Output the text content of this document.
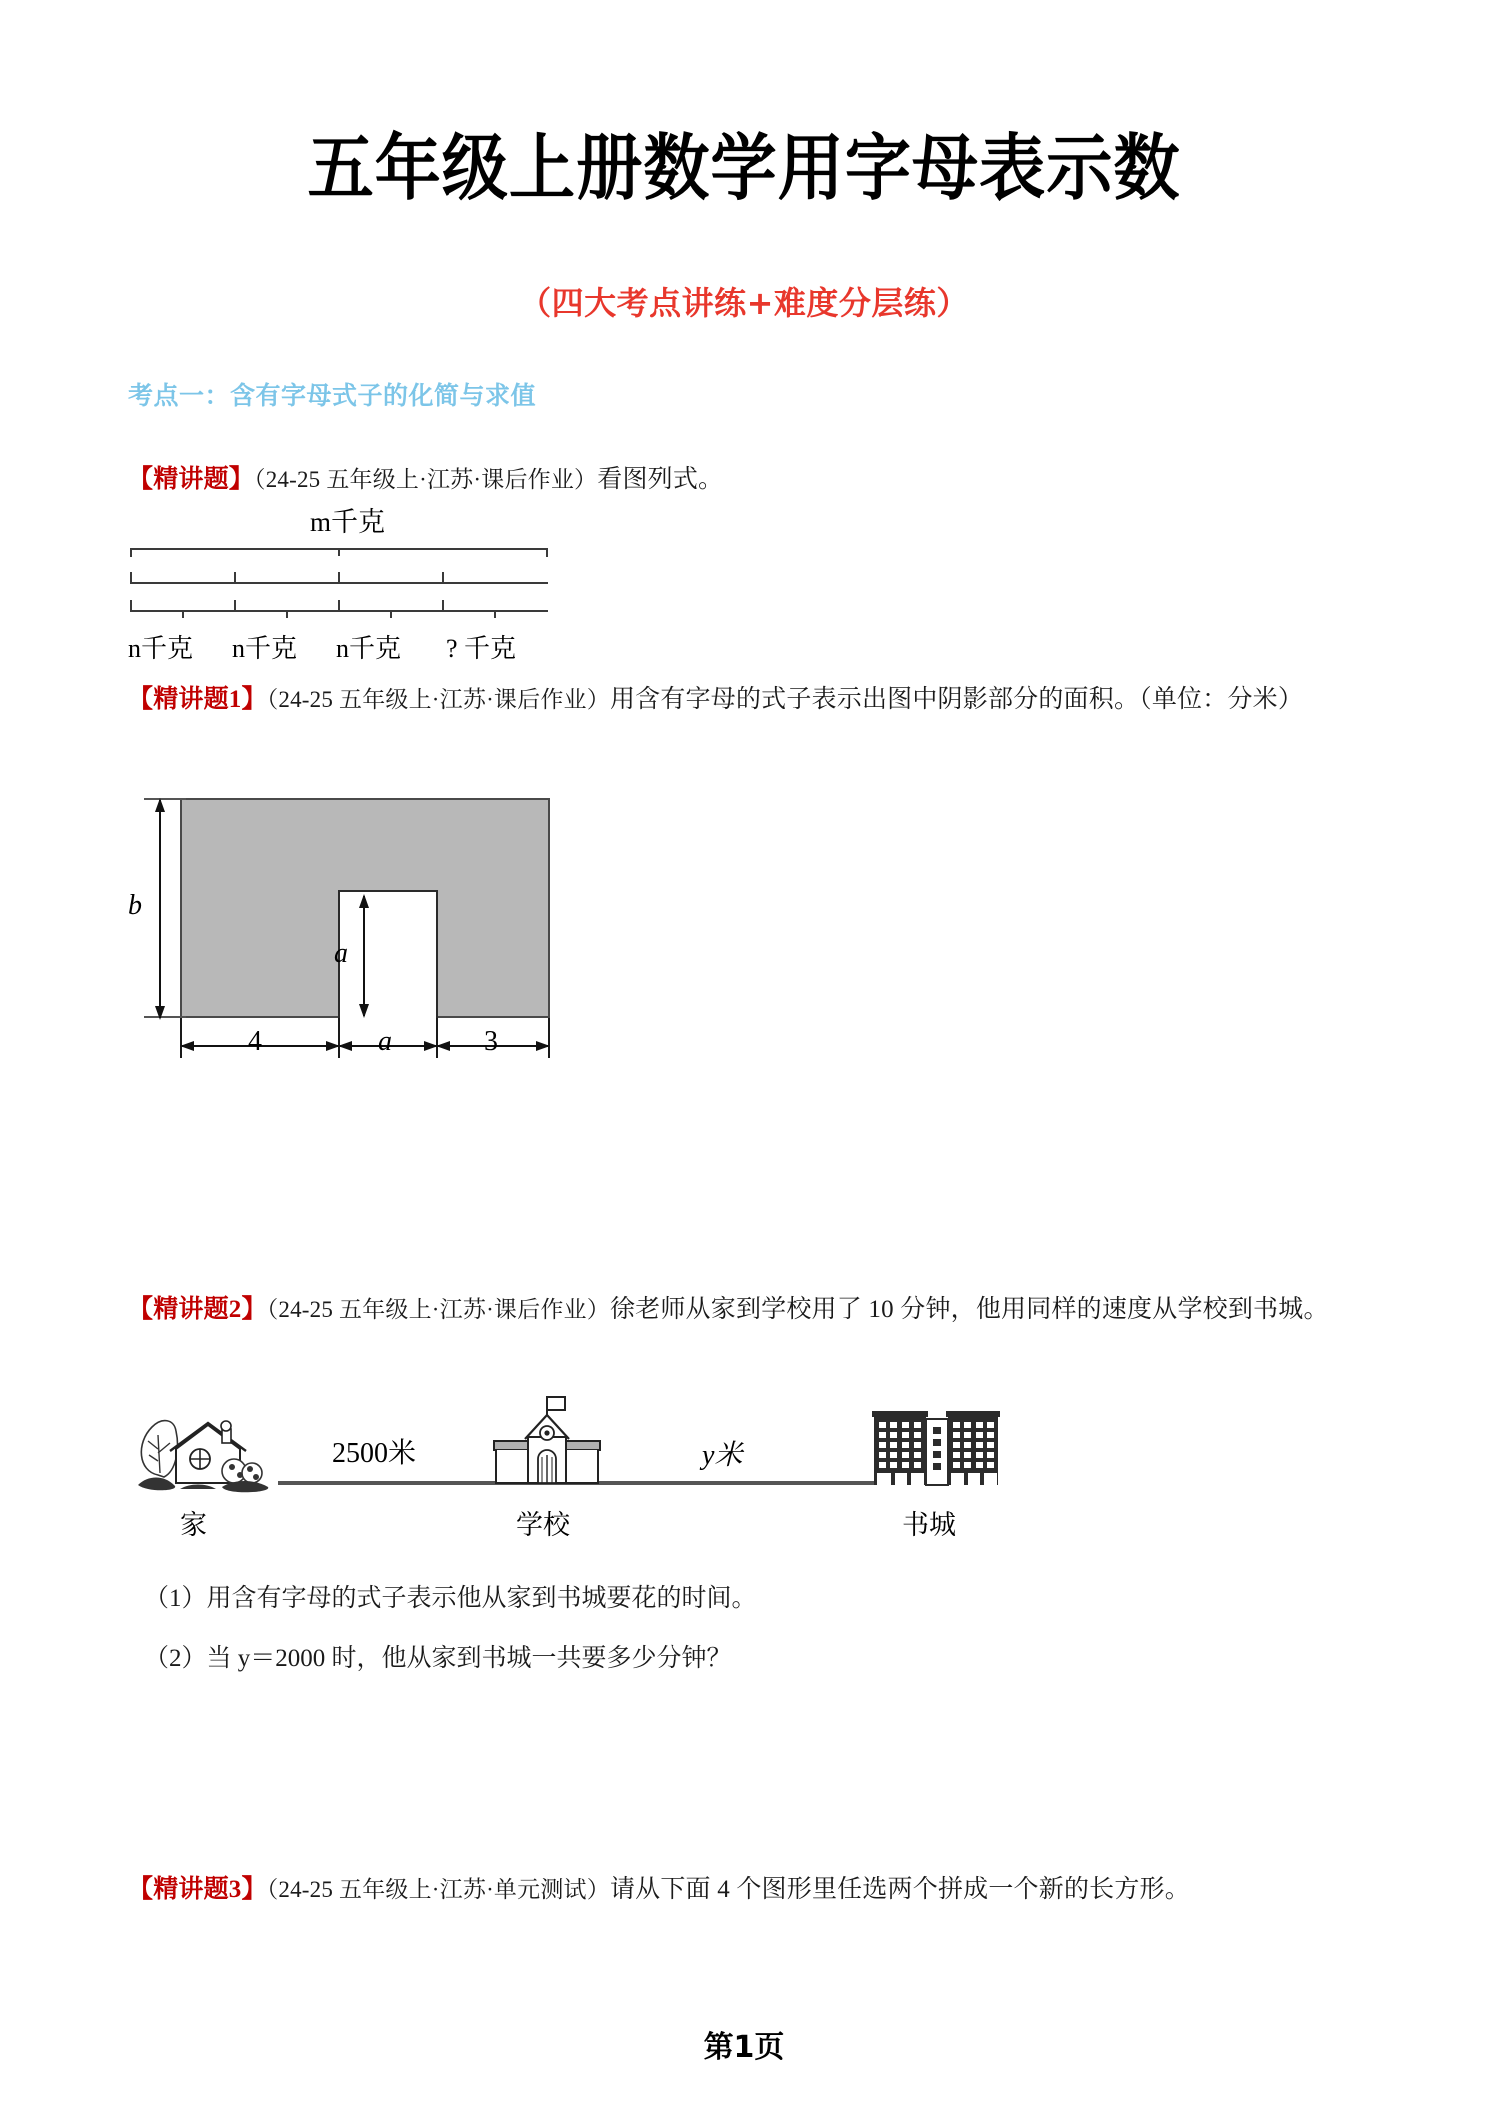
五年级上册数学用字母表示数
（四大考点讲练+难度分层练）
考点一：含有字母式子的化简与求值
【精讲题】（24-25 五年级上·江苏·课后作业）看图列式。
m千克
n千克 n千克 n千克 ? 千克
【精讲题1】（24-25 五年级上·江苏·课后作业）用含有字母的式子表示出图中阴影部分的面积。（单位：分米）
b
a
4	a	3
【精讲题2】（24-25 五年级上·江苏·课后作业）徐老师从家到学校用了 10 分钟，他用同样的速度从学校到书城。
家
2500米
学校
y米
书城
（1）用含有字母的式子表示他从家到书城要花的时间。
（2）当 y＝2000 时，他从家到书城一共要多少分钟？
【精讲题3】（24-25 五年级上·江苏·单元测试）请从下面 4 个图形里任选两个拼成一个新的长方形。
第1页
